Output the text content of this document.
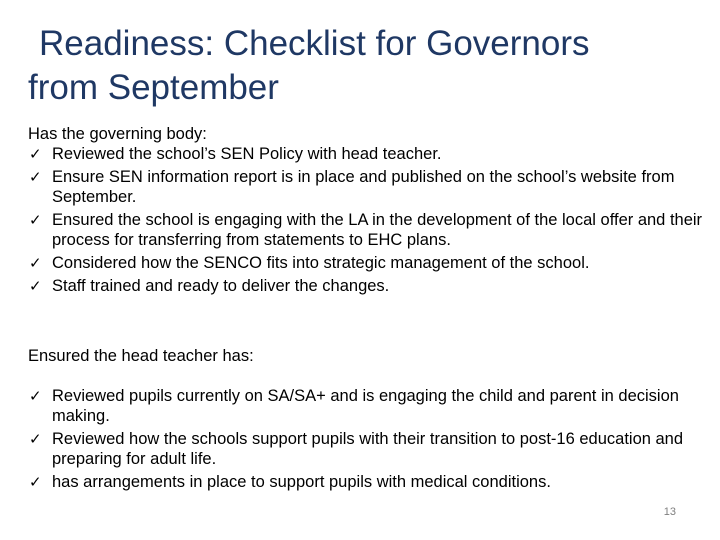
Readiness: Checklist for Governors
from September

Has the governing body:

✓ Reviewed the school’s SEN Policy with head teacher.
✓ Ensure SEN information report is in place and published on the school’s website from September.
✓ Ensured the school is engaging with the LA in the development of the local offer and their process for transferring from statements to EHC plans.
✓ Considered how the SENCO fits into strategic management of the school.
✓ Staff trained and ready to deliver the changes.

Ensured the head teacher has:

✓ Reviewed pupils currently on SA/SA+ and is engaging the child and parent in decision making.
✓ Reviewed how the schools support pupils with their transition to post-16 education and preparing for adult life.
✓ has arrangements in place to support pupils with medical conditions.
13
